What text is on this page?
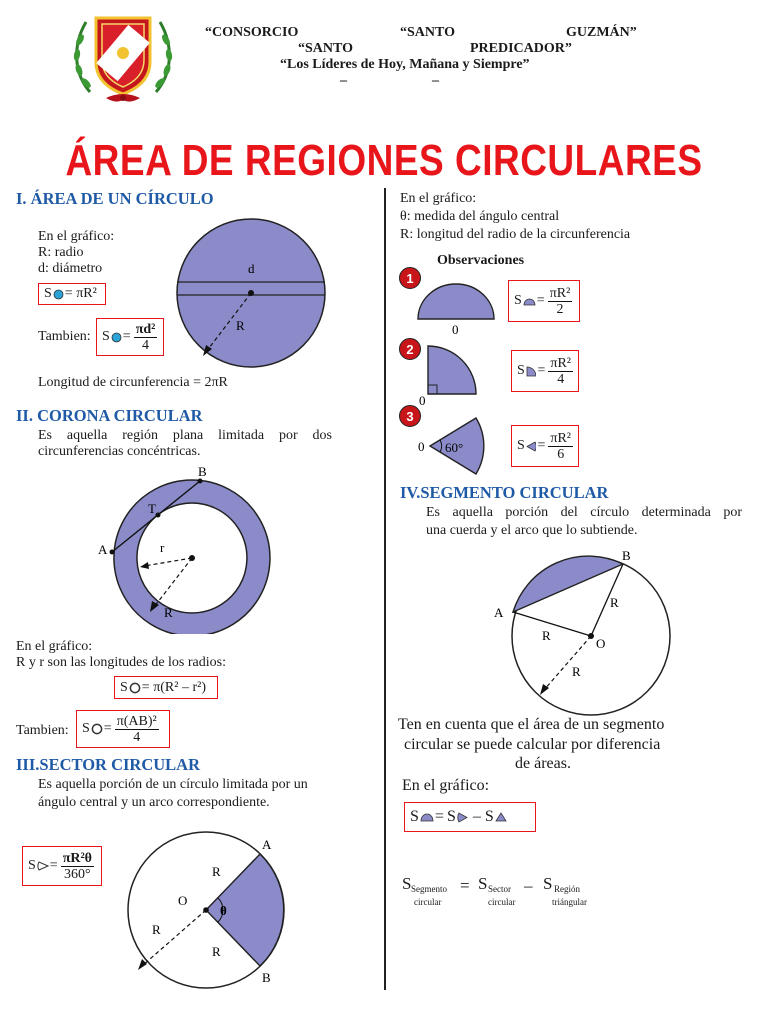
“CONSORCIO	“SANTO	GUZMÁN”
“SANTO	PREDICADOR”
“Los Líderes de Hoy, Mañana y Siempre”
–	–
ÁREA DE REGIONES CIRCULARES
I. ÁREA DE UN CÍRCULO
En el gráfico:
R: radio
d: diámetro
S = πR²
Tambien: $S = \frac{\text{πd²}}{4}$
Longitud de circunferencia = 2πR
d
R
II. CORONA CIRCULAR
Es aquella región plana limitada por dos
circunferencias concéntricas.
B
T
A	r
R
En el gráfico:
R y r son las longitudes de los radios:
S = π(R² – r²)
Tambien: $S = \frac{\text{π(AB)²}}{4}$
III.SECTOR CIRCULAR
Es aquella porción de un círculo limitada por un
ángulo central y un arco correspondiente.
$S = \frac{\text{πR²θ}}{360^\circ}$
A
B
O
R
R
R
θ
En el gráfico:
θ: medida del ángulo central
R: longitud del radio de la circunferencia
Observaciones
1
0
$S = \frac{\text{πR²}}{2}$
2
0
$S = \frac{\text{πR²}}{4}$
3
0 60°	$S = \frac{\text{πR²}}{6}$
IV.SEGMENTO CIRCULAR
Es aquella porción del círculo determinada por
una cuerda y el arco que lo subtiende.
A
B
O
R
R
R
Ten en cuenta que el área de un segmento
circular se puede calcular por diferencia
de áreas.
En el gráfico:
S = S – S
S Segmento
circular
= S Sector
circular
– S Región
triángular
